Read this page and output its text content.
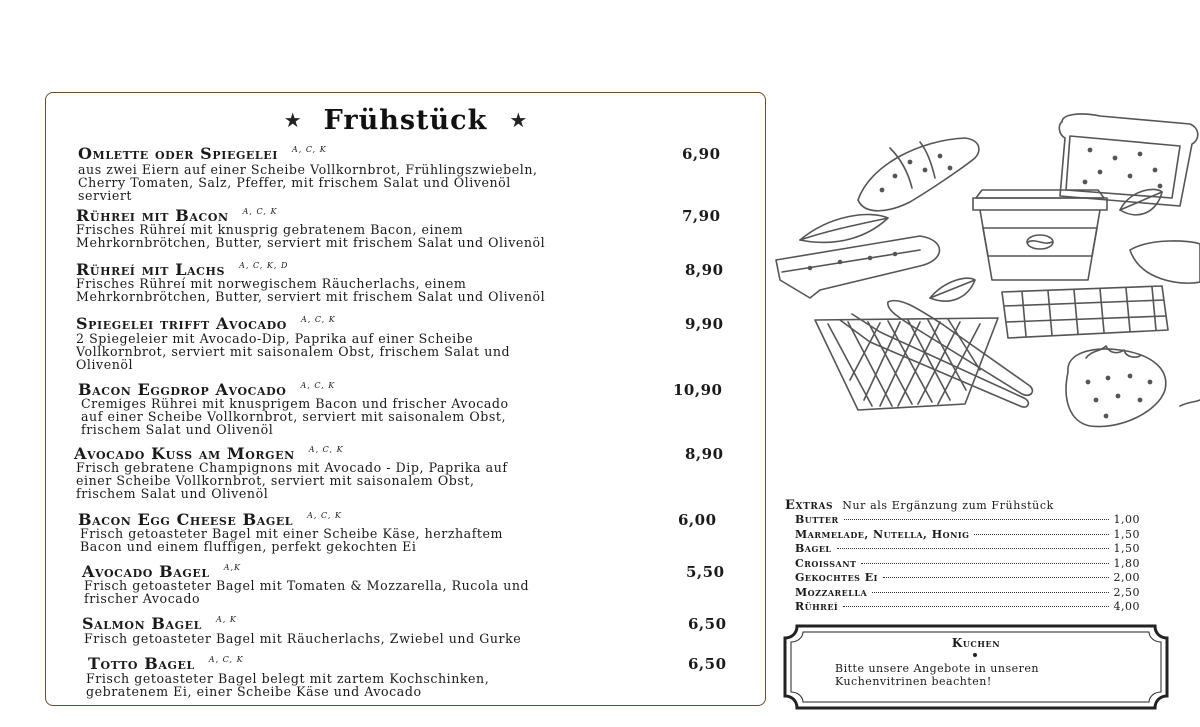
★ Frühstück ★
Omlette oder Spiegelei $^{A, C, K}$	6,90
aus zwei Eiern auf einer Scheibe Vollkornbrot, Frühlingszwiebeln,
Cherry Tomaten, Salz, Pfeffer, mit frischem Salat und Olivenöl
serviert
Rührei mit Bacon $^{A, C, K}$	7,90
Frisches Rühreí mit knusprig gebratenem Bacon, einem
Mehrkornbrötchen, Butter, serviert mit frischem Salat und Olivenöl
Rühreí mit Lachs $^{A, C, K, D}$	8,90
Frisches Rühreí mit norwegischem Räucherlachs, einem
Mehrkornbrötchen, Butter, serviert mit frischem Salat und Olivenöl
Spiegelei trifft Avocado $^{A, C, K}$	9,90
2 Spiegeleier mit Avocado-Dip, Paprika auf einer Scheibe
Vollkornbrot, serviert mit saisonalem Obst, frischem Salat und
Olivenöl
Bacon Eggdrop Avocado $^{A, C, K}$	10,90
Cremiges Rührei mit knusprigem Bacon und frischer Avocado
auf einer Scheibe Vollkornbrot, serviert mit saisonalem Obst,
frischem Salat und Olivenöl
Avocado Kuss am Morgen $^{A, C, K}$	8,90
Frisch gebratene Champignons mit Avocado - Dip, Paprika auf
einer Scheibe Vollkornbrot, serviert mit saisonalem Obst,
frischem Salat und Olivenöl
Bacon Egg Cheese Bagel $^{A, C, K}$	6,00
Frisch getoasteter Bagel mit einer Scheibe Käse, herzhaftem
Bacon und einem fluffigen, perfekt gekochten Ei
Avocado Bagel $^{A,K}$	5,50
Frisch getoasteter Bagel mit Tomaten & Mozzarella, Rucola und
frischer Avocado
Salmon Bagel $^{A, K}$	6,50
Frisch getoasteter Bagel mit Räucherlachs, Zwiebel und Gurke
Totto Bagel $^{A, C, K}$	6,50
Frisch getoasteter Bagel belegt mit zartem Kochschinken,
gebratenem Ei, einer Scheibe Käse und Avocado
Extras Nur als Ergänzung zum Frühstück
Butter	1,00
Marmelade, Nutella, Honig	1,50
Bagel	1,50
Croissant	1,80
Gekochtes Ei	2,00
Mozzarella	2,50
Rühreí	4,00
Kuchen
Bitte unsere Angebote in unseren
Kuchenvitrinen beachten!
